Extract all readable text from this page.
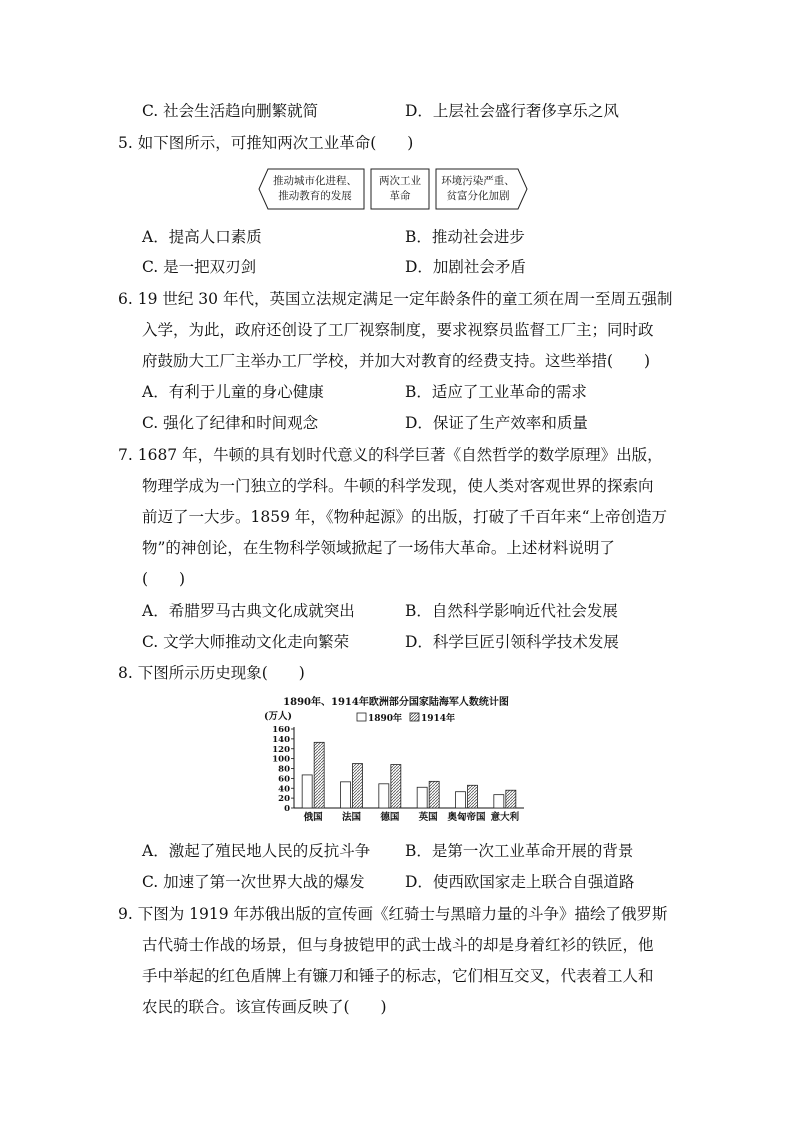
C. 社会生活趋向删繁就简	D．上层社会盛行奢侈享乐之风
5. 如下图所示，可推知两次工业革命(　　)
推动城市化进程、
推动教育的发展
两次工业
革命
环境污染严重、
贫富分化加剧
A．提高人口素质	B．推动社会进步
C. 是一把双刃剑	D．加剧社会矛盾
6. 19 世纪 30 年代，英国立法规定满足一定年龄条件的童工须在周一至周五强制
入学，为此，政府还创设了工厂视察制度，要求视察员监督工厂主；同时政
府鼓励大工厂主举办工厂学校，并加大对教育的经费支持。这些举措(　　)
A．有利于儿童的身心健康	B．适应了工业革命的需求
C. 强化了纪律和时间观念	D．保证了生产效率和质量
7. 1687 年，牛顿的具有划时代意义的科学巨著《自然哲学的数学原理》出版，
物理学成为一门独立的学科。牛顿的科学发现，使人类对客观世界的探索向
前迈了一大步。1859 年，《物种起源》的出版，打破了千百年来“上帝创造万
物”的神创论，在生物科学领域掀起了一场伟大革命。上述材料说明了
(　　)
A．希腊罗马古典文化成就突出	B．自然科学影响近代社会发展
C. 文学大师推动文化走向繁荣	D．科学巨匠引领科学技术发展
8. 下图所示历史现象(　　)
1890年、1914年欧洲部分国家陆海军人数统计图
(万人)	1890年 1914年
0
20
40
60
80
100
120
140
160
俄国 法国 德国 英国 奥匈帝国 意大利
A．激起了殖民地人民的反抗斗争 B．是第一次工业革命开展的背景
C. 加速了第一次世界大战的爆发	D．使西欧国家走上联合自强道路
9. 下图为 1919 年苏俄出版的宣传画《红骑士与黑暗力量的斗争》描绘了俄罗斯
古代骑士作战的场景，但与身披铠甲的武士战斗的却是身着红衫的铁匠，他
手中举起的红色盾牌上有镰刀和锤子的标志，它们相互交叉，代表着工人和
农民的联合。该宣传画反映了(　　)
